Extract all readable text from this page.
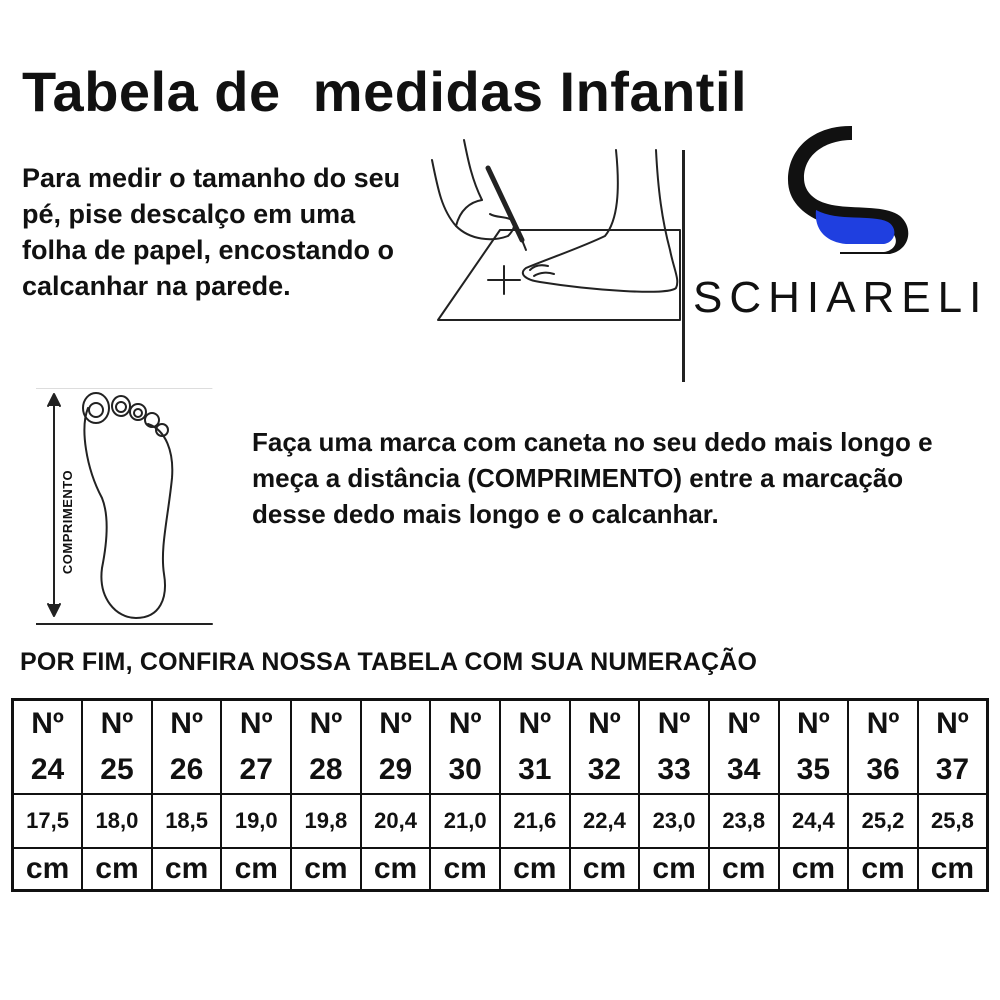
Tabela de  medidas Infantil
Para medir o tamanho do seu pé, pise descalço em uma folha de papel, encostando o calcanhar na parede.	SCHIARELI
COMPRIMENTO
Faça uma marca com caneta no seu dedo mais longo e meça a distância (COMPRIMENTO) entre a marcação desse dedo mais longo e o calcanhar.
POR FIM, CONFIRA NOSSA TABELA COM SUA NUMERAÇÃO
Nº	Nº	Nº	Nº	Nº	Nº	Nº	Nº	Nº	Nº	Nº	Nº	Nº	Nº
24	25	26	27	28	29	30	31	32	33	34	35	36	37
17,5	18,0	18,5	19,0	19,8	20,4	21,0	21,6	22,4	23,0	23,8	24,4	25,2	25,8
cm	cm	cm	cm	cm	cm	cm	cm	cm	cm	cm	cm	cm	cm
